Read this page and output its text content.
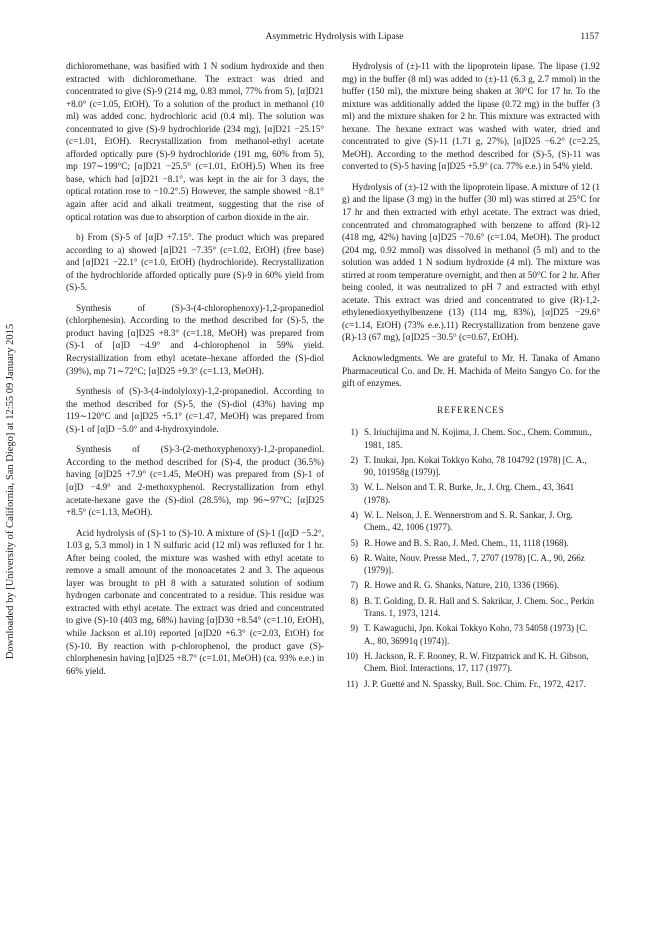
Asymmetric Hydrolysis with Lipase	1157
Downloaded by [University of California, San Diego] at 12:55 09 January 2015

dichloromethane, was basified with 1 N sodium hydroxide and then extracted with dichloromethane. The extract was dried and concentrated to give (S)-9 (214 mg, 0.83 mmol, 77% from 5), [α]D21 +8.0° (c=1.05, EtOH). To a solution of the product in methanol (10 ml) was added conc. hydrochloric acid (0.4 ml). The solution was concentrated to give (S)-9 hydrochloride (234 mg), [α]D21 −25.15° (c=1.01, EtOH). Recrystallization from methanol-ethyl acetate afforded optically pure (S)-9 hydrochloride (191 mg, 60% from 5), mp 197∼199°C; [α]D21 −25.5° (c=1.01, EtOH).5) When its free base, which had [α]D21 −8.1°, was kept in the air for 3 days, the optical rotation rose to −10.2°.5) However, the sample showed −8.1° again after acid and alkali treatment, suggesting that the rise of optical rotation was due to absorption of carbon dioxide in the air.

b) From (S)-5 of [α]D +7.15°. The product which was prepared according to a) showed [α]D21 −7.35° (c=1.02, EtOH) (free base) and [α]D21 −22.1° (c=1.0, EtOH) (hydrochloride). Recrystallization of the hydrochloride afforded optically pure (S)-9 in 60% yield from (S)-5.

Synthesis of (S)-3-(4-chlorophenoxy)-1,2-propanediol (chlorphenesin). According to the method described for (S)-5, the product having [α]D25 +8.3° (c=1.18, MeOH) was prepared from (S)-1 of [α]D −4.9° and 4-chlorophenol in 59% yield. Recrystallization from ethyl acetate–hexane afforded the (S)-diol (39%), mp 71∼72°C; [α]D25 +9.3° (c=1.13, MeOH).

Synthesis of (S)-3-(4-indolyloxy)-1,2-propanediol. According to the method described for (S)-5, the (S)-diol (43%) having mp 119∼120°C and [α]D25 +5.1° (c=1.47, MeOH) was prepared from (S)-1 of [α]D −5.0° and 4-hydroxyindole.

Synthesis of (S)-3-(2-methoxyphenoxy)-1,2-propanediol. According to the method described for (S)-4, the product (36.5%) having [α]D25 +7.9° (c=1.45, MeOH) was prepared from (S)-1 of [α]D −4.9° and 2-methoxyphenol. Recrystallization from ethyl acetate-hexane gave the (S)-diol (28.5%), mp 96∼97°C; [α]D25 +8.5° (c=1.13, MeOH).

Acid hydrolysis of (S)-1 to (S)-10. A mixture of (S)-1 ([α]D −5.2°, 1.03 g, 5.3 mmol) in 1 N sulfuric acid (12 ml) was refluxed for 1 hr. After being cooled, the mixture was washed with ethyl acetate to remove a small amount of the monoacetates 2 and 3. The aqueous layer was brought to pH 8 with a saturated solution of sodium hydrogen carbonate and concentrated to a residue. This residue was extracted with ethyl acetate. The extract was dried and concentrated to give (S)-10 (403 mg, 68%) having [α]D30 +8.54° (c=1.10, EtOH), while Jackson et al.10) reported [α]D20 +6.3° (c=2.03, EtOH) for (S)-10. By reaction with p-chlorophenol, the product gave (S)-chlorphenesin having [α]D25 +8.7° (c=1.01, MeOH) (ca. 93% e.e.) in 66% yield.

Hydrolysis of (±)-11 with the lipoprotein lipase. The lipase (1.92 mg) in the buffer (8 ml) was added to (±)-11 (6.3 g, 2.7 mmol) in the buffer (150 ml), the mixture being shaken at 30°C for 17 hr. To the mixture was additionally added the lipase (0.72 mg) in the buffer (3 ml) and the mixture shaken for 2 hr. This mixture was extracted with hexane. The hexane extract was washed with water, dried and concentrated to give (S)-11 (1.71 g, 27%), [α]D25 −6.2° (c=2.25, MeOH). According to the method described for (S)-5, (S)-11 was converted to (S)-5 having [α]D25 +5.9° (ca. 77% e.e.) in 54% yield.

Hydrolysis of (±)-12 with the lipoprotein lipase. A mixture of 12 (1 g) and the lipase (3 mg) in the buffer (30 ml) was stirred at 25°C for 17 hr and then extracted with ethyl acetate. The extract was dried, concentrated and chromatographed with benzene to afford (R)-12 (418 mg, 42%) having [α]D25 −70.6° (c=1.04, MeOH). The product (204 mg, 0.92 mmol) was dissolved in methanol (5 ml) and to the solution was added 1 N sodium hydroxide (4 ml). The mixture was stirred at room temperature overnight, and then at 50°C for 2 hr. After being cooled, it was neutralized to pH 7 and extracted with ethyl acetate. This extract was dried and concentrated to give (R)-1,2-ethylenedioxyethylbenzene (13) (114 mg, 83%), [α]D25 −29.6° (c=1.14, EtOH) (73% e.e.).11) Recrystallization from benzene gave (R)-13 (67 mg), [α]D25 −30.5° (c=0.67, EtOH).

Acknowledgments. We are grateful to Mr. H. Tanaka of Amano Pharmaceutical Co. and Dr. H. Machida of Meito Sangyo Co. for the gift of enzymes.

REFERENCES
1) S. Iriuchijima and N. Kojima, J. Chem. Soc., Chem. Commun., 1981, 185.
2) T. Inukai, Jpn. Kokai Tokkyo Koho, 78 104792 (1978) [C. A., 90, 101958g (1979)].
3) W. L. Nelson and T. R. Burke, Jr., J. Org. Chem., 43, 3641 (1978).
4) W. L. Nelson, J. E. Wennerstrom and S. R. Sankar, J. Org. Chem., 42, 1006 (1977).
5) R. Howe and B. S. Rao, J. Med. Chem., 11, 1118 (1968).
6) R. Waite, Nouv. Presse Med., 7, 2707 (1978) [C. A., 90, 266z (1979)].
7) R. Howe and R. G. Shanks, Nature, 210, 1336 (1966).
8) B. T. Golding, D. R. Hall and S. Sakrikar, J. Chem. Soc., Perkin Trans. 1, 1973, 1214.
9) T. Kawaguchi, Jpn. Kokai Tokkyo Koho, 73 54058 (1973) [C. A., 80, 36991q (1974)].
10) H. Jackson, R. F. Rooney, R. W. Fitzpatrick and K. H. Gibson, Chem. Biol. Interactions, 17, 117 (1977).
11) J. P. Guetté and N. Spassky, Bull. Soc. Chim. Fr., 1972, 4217.
